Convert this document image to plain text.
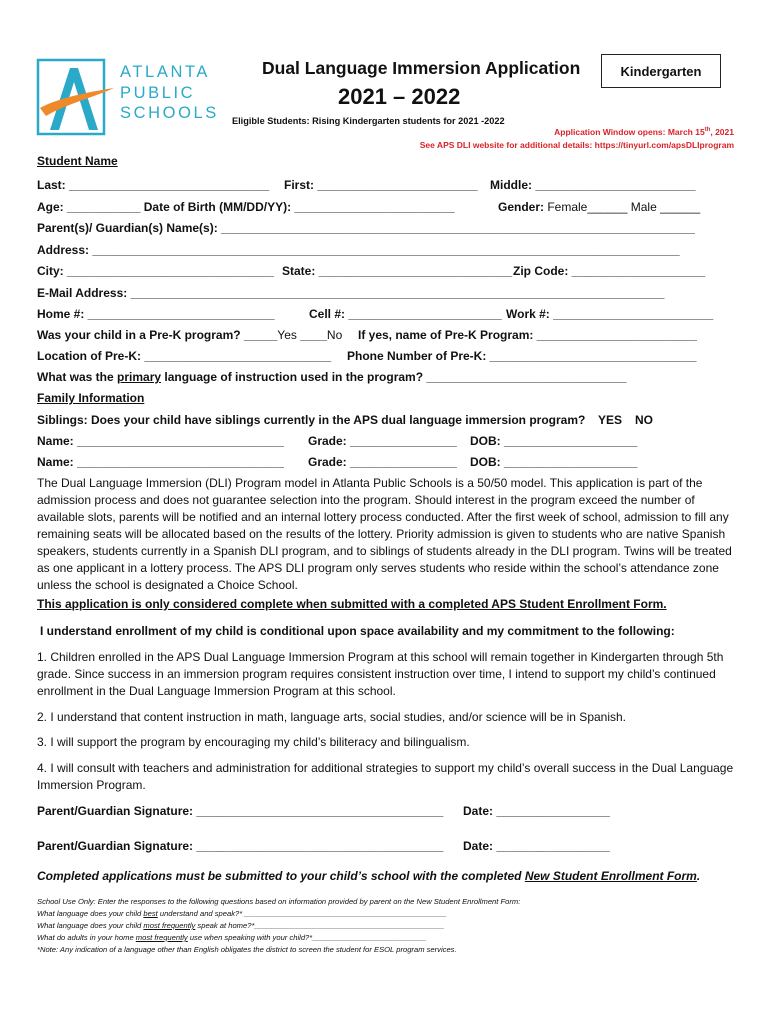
ATLANTA
PUBLIC
SCHOOLS
Dual Language Immersion Application
2021 – 2022
Kindergarten
Eligible Students: Rising Kindergarten students for 2021 -2022
Application Window opens: March 15th, 2021
See APS DLI website for additional details: https://tinyurl.com/apsDLIprogram
Student Name
Last: ______________________________ First: ________________________ Middle: ________________________
Age: ___________ Date of Birth (MM/DD/YY): ________________________	Gender: Female______ Male ______
Parent(s)/ Guardian(s) Name(s): _______________________________________________________________________
Address: ________________________________________________________________________________________
City: _______________________________ State: _____________________________ Zip Code: ____________________
E-Mail Address: ________________________________________________________________________________
Home #: ____________________________	Cell #: _______________________ Work #: ________________________
Was your child in a Pre-K program? _____Yes ____No If yes, name of Pre-K Program: ________________________
Location of Pre-K: ____________________________ Phone Number of Pre-K: _______________________________
What was the primary language of instruction used in the program? ______________________________
Family Information
Siblings: Does your child have siblings currently in the APS dual language immersion program? YES NO
Name: _______________________________ Grade: ________________ DOB: ____________________
Name: _______________________________ Grade: ________________ DOB: ____________________
The Dual Language Immersion (DLI) Program model in Atlanta Public Schools is a 50/50 model. This application is part of the admission process and does not guarantee selection into the program. Should interest in the program exceed the number of available slots, parents will be notified and an internal lottery process conducted. After the first week of school, admission to fill any remaining seats will be allocated based on the results of the lottery. Priority admission is given to students who are native Spanish speakers, students currently in a Spanish DLI program, and to siblings of students already in the DLI program. Twins will be treated as one applicant in a lottery process. The APS DLI program only serves students who reside within the school’s attendance zone unless the school is designated a Choice School.
This application is only considered complete when submitted with a completed APS Student Enrollment Form.
I understand enrollment of my child is conditional upon space availability and my commitment to the following:
1. Children enrolled in the APS Dual Language Immersion Program at this school will remain together in Kindergarten through 5th grade. Since success in an immersion program requires consistent instruction over time, I intend to support my child’s continued enrollment in the Dual Language Immersion Program at this school.
2. I understand that content instruction in math, language arts, social studies, and/or science will be in Spanish.
3. I will support the program by encouraging my child’s biliteracy and bilingualism.
4. I will consult with teachers and administration for additional strategies to support my child’s overall success in the Dual Language Immersion Program.
Parent/Guardian Signature: _____________________________________ Date: _________________
Parent/Guardian Signature: _____________________________________ Date: _________________
Completed applications must be submitted to your child’s school with the completed New Student Enrollment Form.
School Use Only: Enter the responses to the following questions based on information provided by parent on the New Student Enrollment Form:
What language does your child best understand and speak?* ________________________________________________
What language does your child most frequently speak at home?*_____________________________________________
What do adults in your home most frequently use when speaking with your child?*___________________________
*Note: Any indication of a language other than English obligates the district to screen the student for ESOL program services.
